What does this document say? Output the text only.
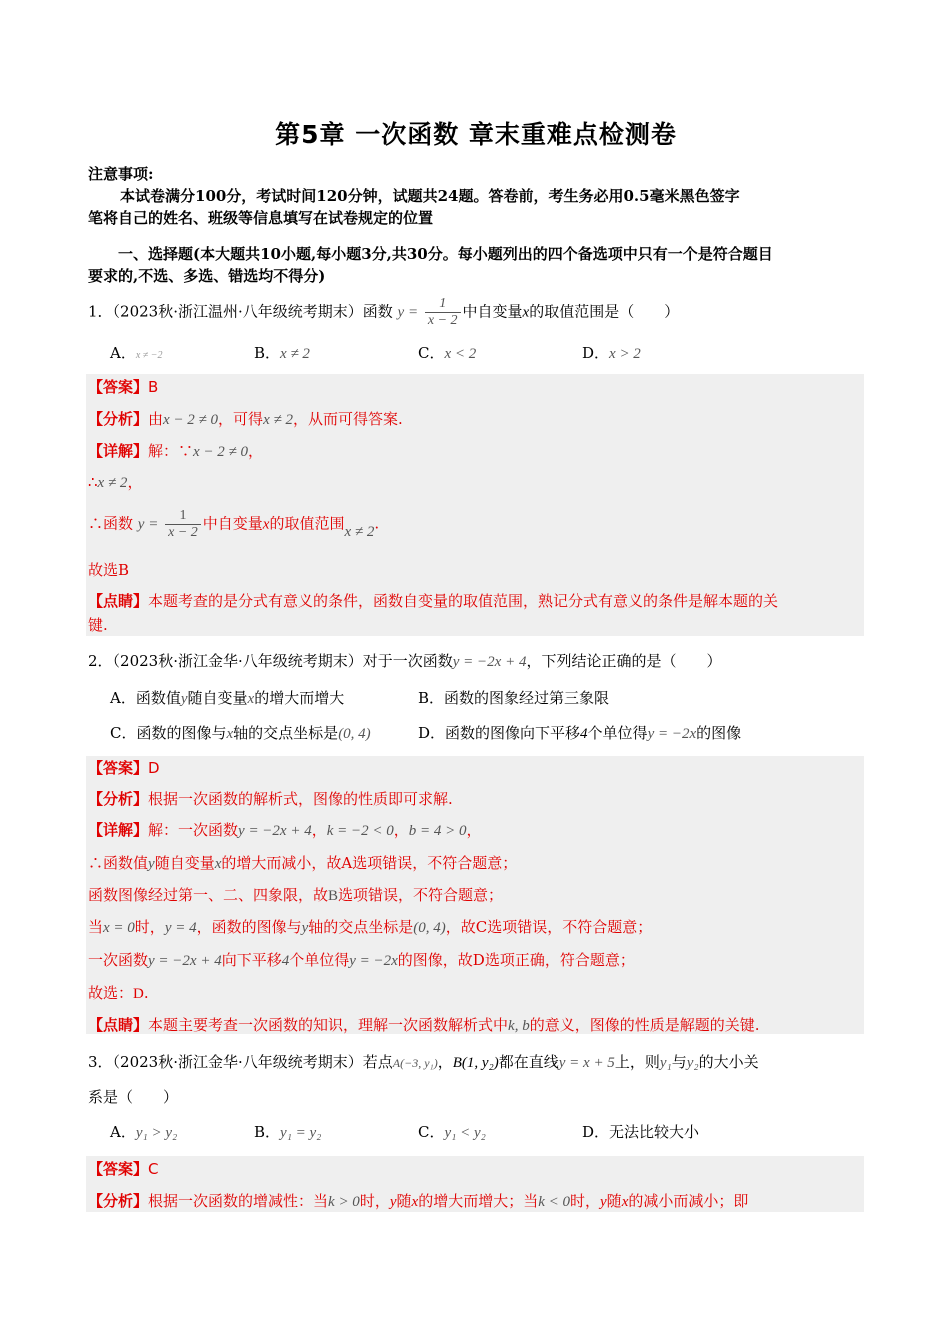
第5章 一次函数 章末重难点检测卷
注意事项:
本试卷满分100分，考试时间120分钟，试题共24题。答卷前，考生务必用0.5毫米黑色签字
笔将自己的姓名、班级等信息填写在试卷规定的位置
一、选择题(本大题共10小题,每小题3分,共30分。每小题列出的四个备选项中只有一个是符合题目
要求的,不选、多选、错选均不得分)
1．（2023秋·浙江温州·八年级统考期末）函数 $y = \frac{1}{x - 2}$ 中自变量x的取值范围是（　　）
A．x ≠ −2	B．x ≠ 2	C．x < 2	D．x > 2
【答案】B
【分析】由x − 2 ≠ 0，可得x ≠ 2，从而可得答案.
【详解】解：∵x − 2 ≠ 0，
∴x ≠ 2，
∴函数 $y = \frac{1}{x - 2}$ 中自变量x的取值范围x ≠ 2.
故选B
【点睛】本题考查的是分式有意义的条件，函数自变量的取值范围，熟记分式有意义的条件是解本题的关
键.
2．（2023秋·浙江金华·八年级统考期末）对于一次函数y = −2x + 4，下列结论正确的是（　　）
A．函数值y随自变量x的增大而增大	B．函数的图象经过第三象限
C．函数的图像与x轴的交点坐标是(0, 4)	D．函数的图像向下平移4个单位得y = −2x的图像
【答案】D
【分析】根据一次函数的解析式，图像的性质即可求解.
【详解】解：一次函数y = −2x + 4，k = −2 < 0，b = 4 > 0，
∴函数值y随自变量x的增大而减小，故A选项错误，不符合题意；
函数图像经过第一、二、四象限，故B选项错误，不符合题意；
当x = 0时，y = 4，函数的图像与y轴的交点坐标是(0, 4)，故C选项错误，不符合题意；
一次函数y = −2x + 4向下平移4个单位得y = −2x的图像，故D选项正确，符合题意；
故选：D.
【点睛】本题主要考查一次函数的知识，理解一次函数解析式中k, b的意义，图像的性质是解题的关键.
3．（2023秋·浙江金华·八年级统考期末）若点A(−3, y₁)，B(1, y₂)都在直线y = x + 5上，则y₁与y₂的大小关
系是（　　）
A．y₁ > y₂	B．y₁ = y₂	C．y₁ < y₂	D．无法比较大小
【答案】C
【分析】根据一次函数的增减性：当k > 0时，y随x的增大而增大；当k < 0时，y随x的减小而减小；即
